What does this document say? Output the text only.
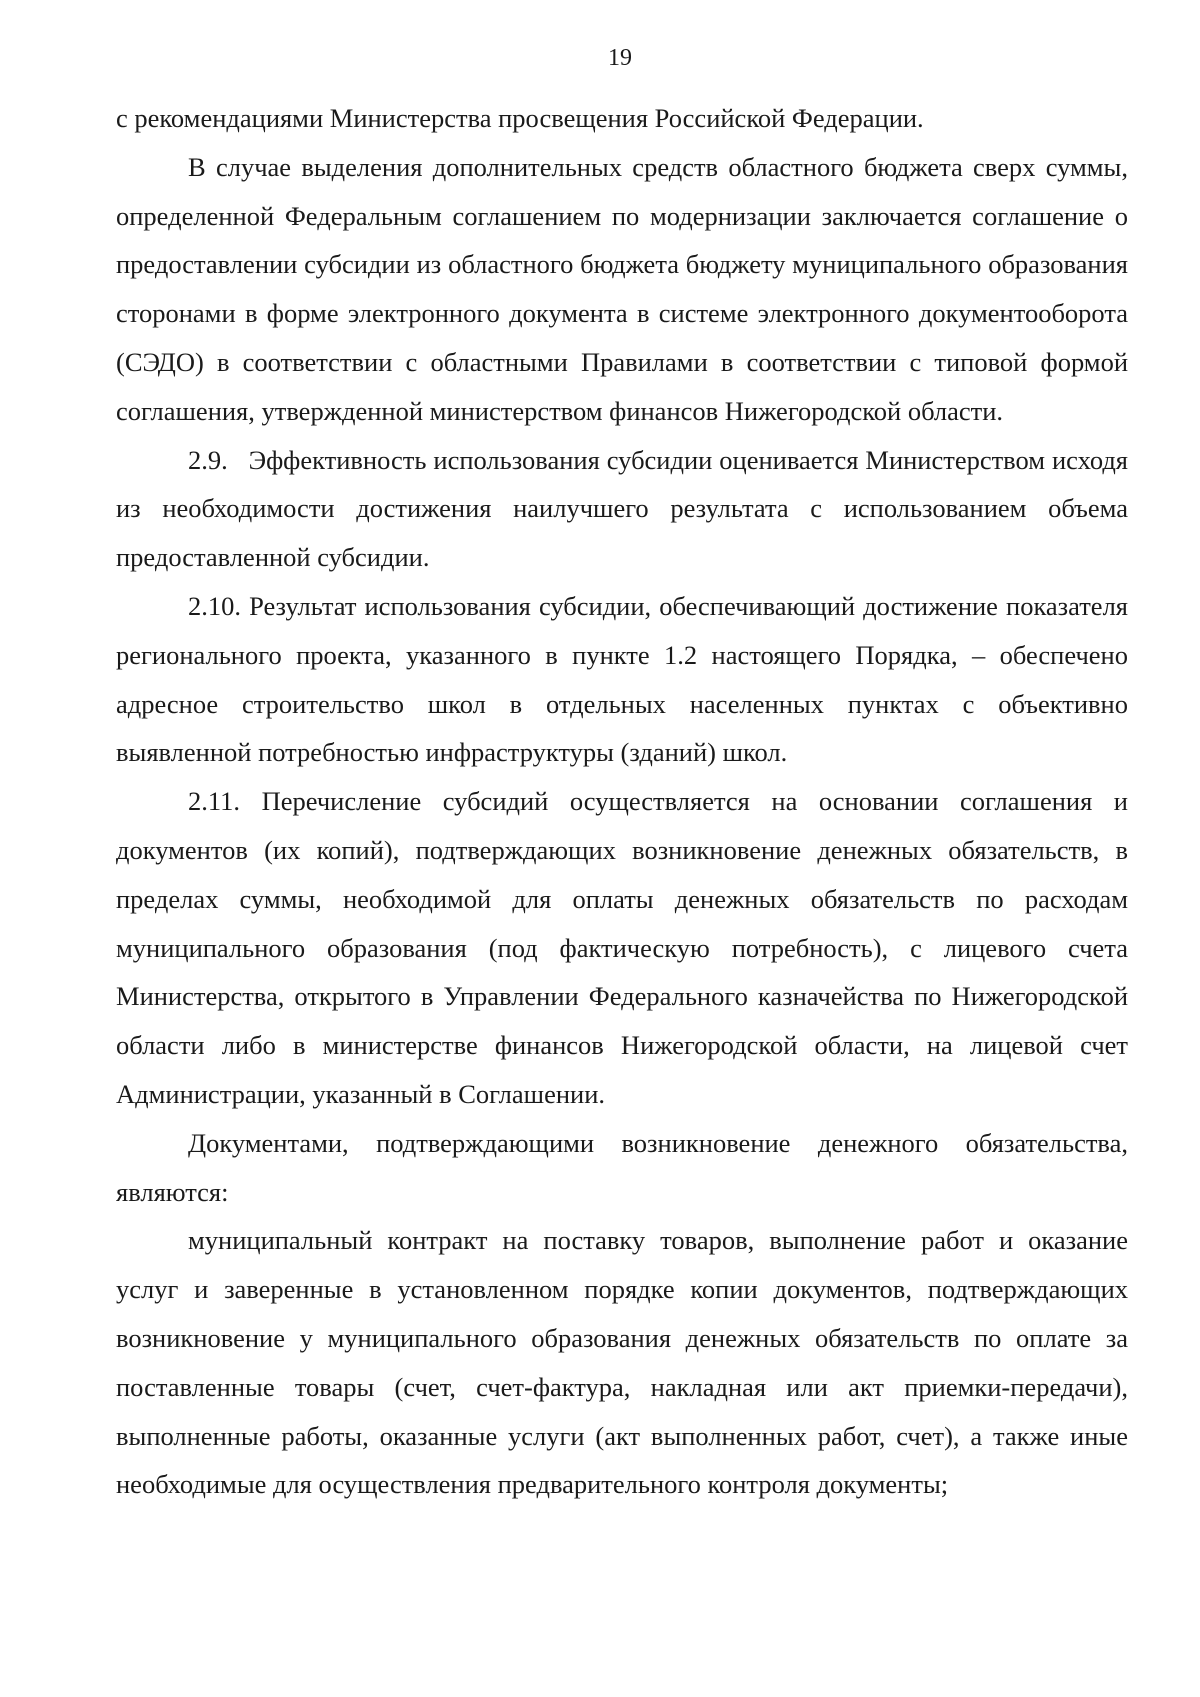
19

с рекомендациями Министерства просвещения Российской Федерации.

В случае выделения дополнительных средств областного бюджета сверх суммы, определенной Федеральным соглашением по модернизации заключается соглашение о предоставлении субсидии из областного бюджета бюджету муниципального образования сторонами в форме электронного документа в системе электронного документооборота (СЭДО) в соответствии с областными Правилами в соответствии с типовой формой соглашения, утвержденной министерством финансов Нижегородской области.

2.9.   Эффективность использования субсидии оценивается Министерством исходя из необходимости достижения наилучшего результата с использованием объема предоставленной субсидии.

2.10. Результат использования субсидии, обеспечивающий достижение показателя регионального проекта, указанного в пункте 1.2 настоящего Порядка, – обеспечено адресное строительство школ в отдельных населенных пунктах с объективно выявленной потребностью инфраструктуры (зданий) школ.

2.11. Перечисление субсидий осуществляется на основании соглашения и документов (их копий), подтверждающих возникновение денежных обязательств, в пределах суммы, необходимой для оплаты денежных обязательств по расходам муниципального образования (под фактическую потребность), с лицевого счета Министерства, открытого в Управлении Федерального казначейства по Нижегородской области либо в министерстве финансов Нижегородской области, на лицевой счет Администрации, указанный в Соглашении.

Документами, подтверждающими возникновение денежного обязательства, являются:

муниципальный контракт на поставку товаров, выполнение работ и оказание услуг и заверенные в установленном порядке копии документов, подтверждающих возникновение у муниципального образования денежных обязательств по оплате за поставленные товары (счет, счет-фактура, накладная или акт приемки-передачи), выполненные работы, оказанные услуги (акт выполненных работ, счет), а также иные необходимые для осуществления предварительного контроля документы;
